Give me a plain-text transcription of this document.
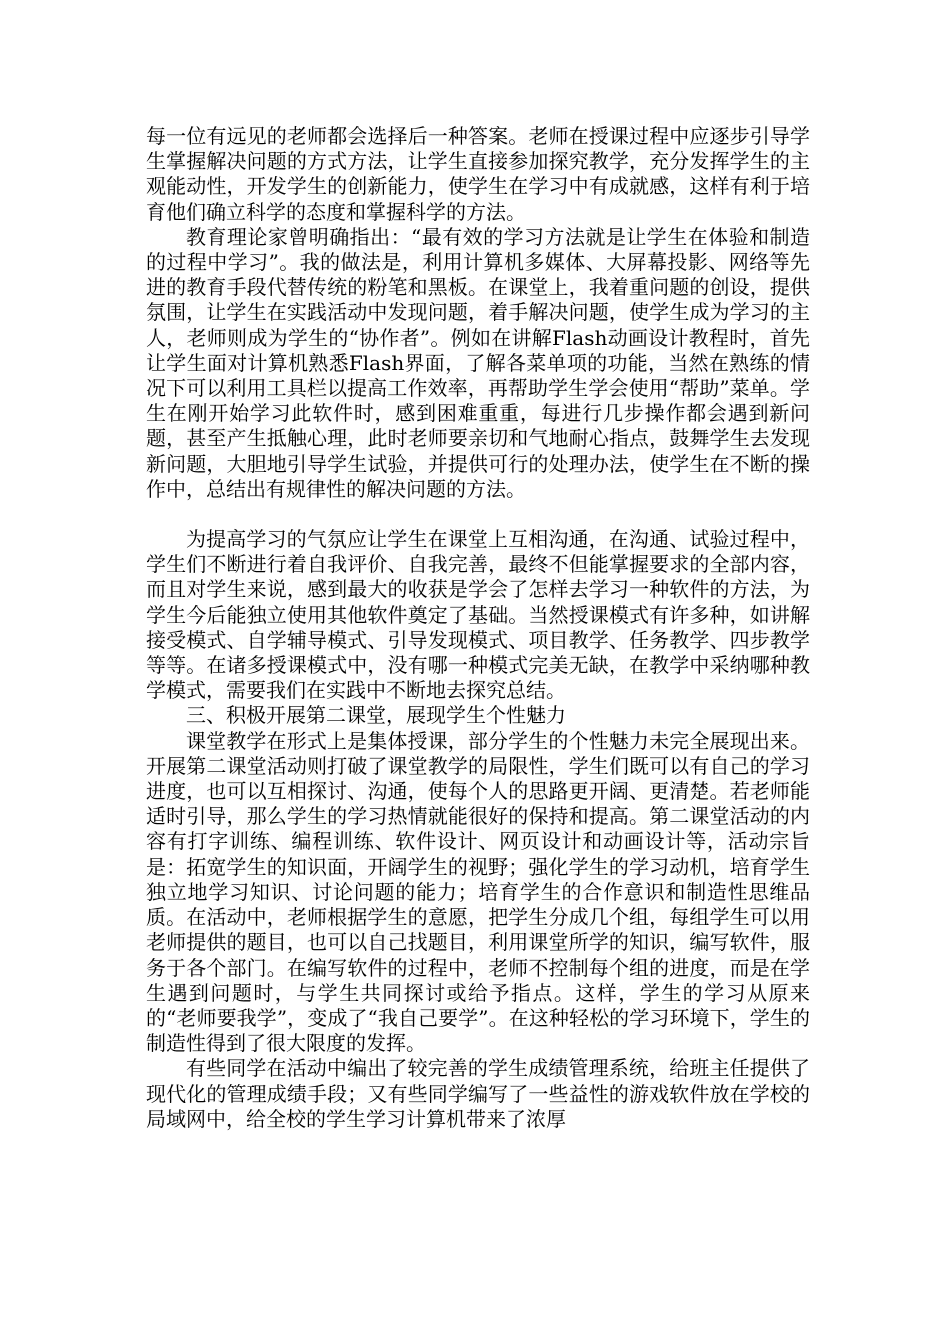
每一位有远见的老师都会选择后一种答案。老师在授课过程中应逐步引导学生掌握解决问题的方式方法，让学生直接参加探究教学，充分发挥学生的主观能动性，开发学生的创新能力，使学生在学习中有成就感，这样有利于培育他们确立科学的态度和掌握科学的方法。

教育理论家曾明确指出：“最有效的学习方法就是让学生在体验和制造的过程中学习”。我的做法是，利用计算机多媒体、大屏幕投影、网络等先进的教育手段代替传统的粉笔和黑板。在课堂上，我着重问题的创设，提供氛围，让学生在实践活动中发现问题，着手解决问题，使学生成为学习的主人，老师则成为学生的“协作者”。例如在讲解Flash动画设计教程时，首先让学生面对计算机熟悉Flash界面，了解各菜单项的功能，当然在熟练的情况下可以利用工具栏以提高工作效率，再帮助学生学会使用“帮助”菜单。学生在刚开始学习此软件时，感到困难重重，每进行几步操作都会遇到新问题，甚至产生抵触心理，此时老师要亲切和气地耐心指点，鼓舞学生去发现新问题，大胆地引导学生试验，并提供可行的处理办法，使学生在不断的操作中，总结出有规律性的解决问题的方法。

为提高学习的气氛应让学生在课堂上互相沟通，在沟通、试验过程中，学生们不断进行着自我评价、自我完善，最终不但能掌握要求的全部内容，而且对学生来说，感到最大的收获是学会了怎样去学习一种软件的方法，为学生今后能独立使用其他软件奠定了基础。当然授课模式有许多种，如讲解接受模式、自学辅导模式、引导发现模式、项目教学、任务教学、四步教学等等。在诸多授课模式中，没有哪一种模式完美无缺，在教学中采纳哪种教学模式，需要我们在实践中不断地去探究总结。

三、积极开展第二课堂，展现学生个性魅力

课堂教学在形式上是集体授课，部分学生的个性魅力未完全展现出来。开展第二课堂活动则打破了课堂教学的局限性，学生们既可以有自己的学习进度，也可以互相探讨、沟通，使每个人的思路更开阔、更清楚。若老师能适时引导，那么学生的学习热情就能很好的保持和提高。第二课堂活动的内容有打字训练、编程训练、软件设计、网页设计和动画设计等，活动宗旨是：拓宽学生的知识面，开阔学生的视野；强化学生的学习动机，培育学生独立地学习知识、讨论问题的能力；培育学生的合作意识和制造性思维品质。在活动中，老师根据学生的意愿，把学生分成几个组，每组学生可以用老师提供的题目，也可以自己找题目，利用课堂所学的知识，编写软件，服务于各个部门。在编写软件的过程中，老师不控制每个组的进度，而是在学生遇到问题时，与学生共同探讨或给予指点。这样，学生的学习从原来的“老师要我学”，变成了“我自己要学”。在这种轻松的学习环境下，学生的制造性得到了很大限度的发挥。

有些同学在活动中编出了较完善的学生成绩管理系统，给班主任提供了现代化的管理成绩手段；又有些同学编写了一些益性的游戏软件放在学校的局域网中，给全校的学生学习计算机带来了浓厚
